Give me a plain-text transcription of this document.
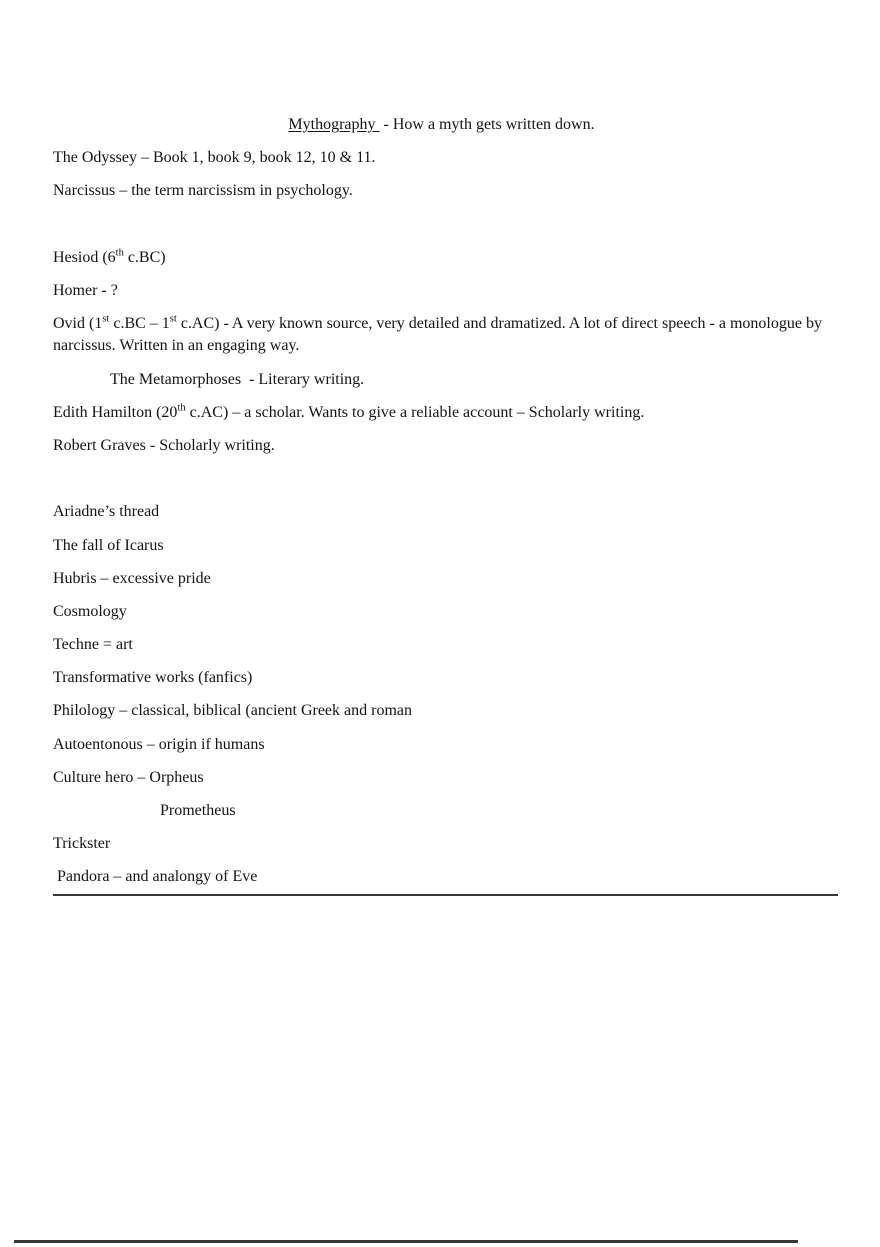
Mythography  - How a myth gets written down.

The Odyssey – Book 1, book 9, book 12, 10 & 11.

Narcissus – the term narcissism in psychology.

Hesiod (6th c.BC)

Homer - ?

Ovid (1st c.BC – 1st c.AC) - A very known source, very detailed and dramatized. A lot of direct speech - a monologue by narcissus. Written in an engaging way.

The Metamorphoses  - Literary writing.

Edith Hamilton (20th c.AC) – a scholar. Wants to give a reliable account – Scholarly writing.

Robert Graves - Scholarly writing.

Ariadne’s thread

The fall of Icarus

Hubris – excessive pride

Cosmology

Techne = art

Transformative works (fanfics)

Philology – classical, biblical (ancient Greek and roman

Autoentonous – origin if humans

Culture hero – Orpheus

Prometheus

Trickster

Pandora – and analongy of Eve
